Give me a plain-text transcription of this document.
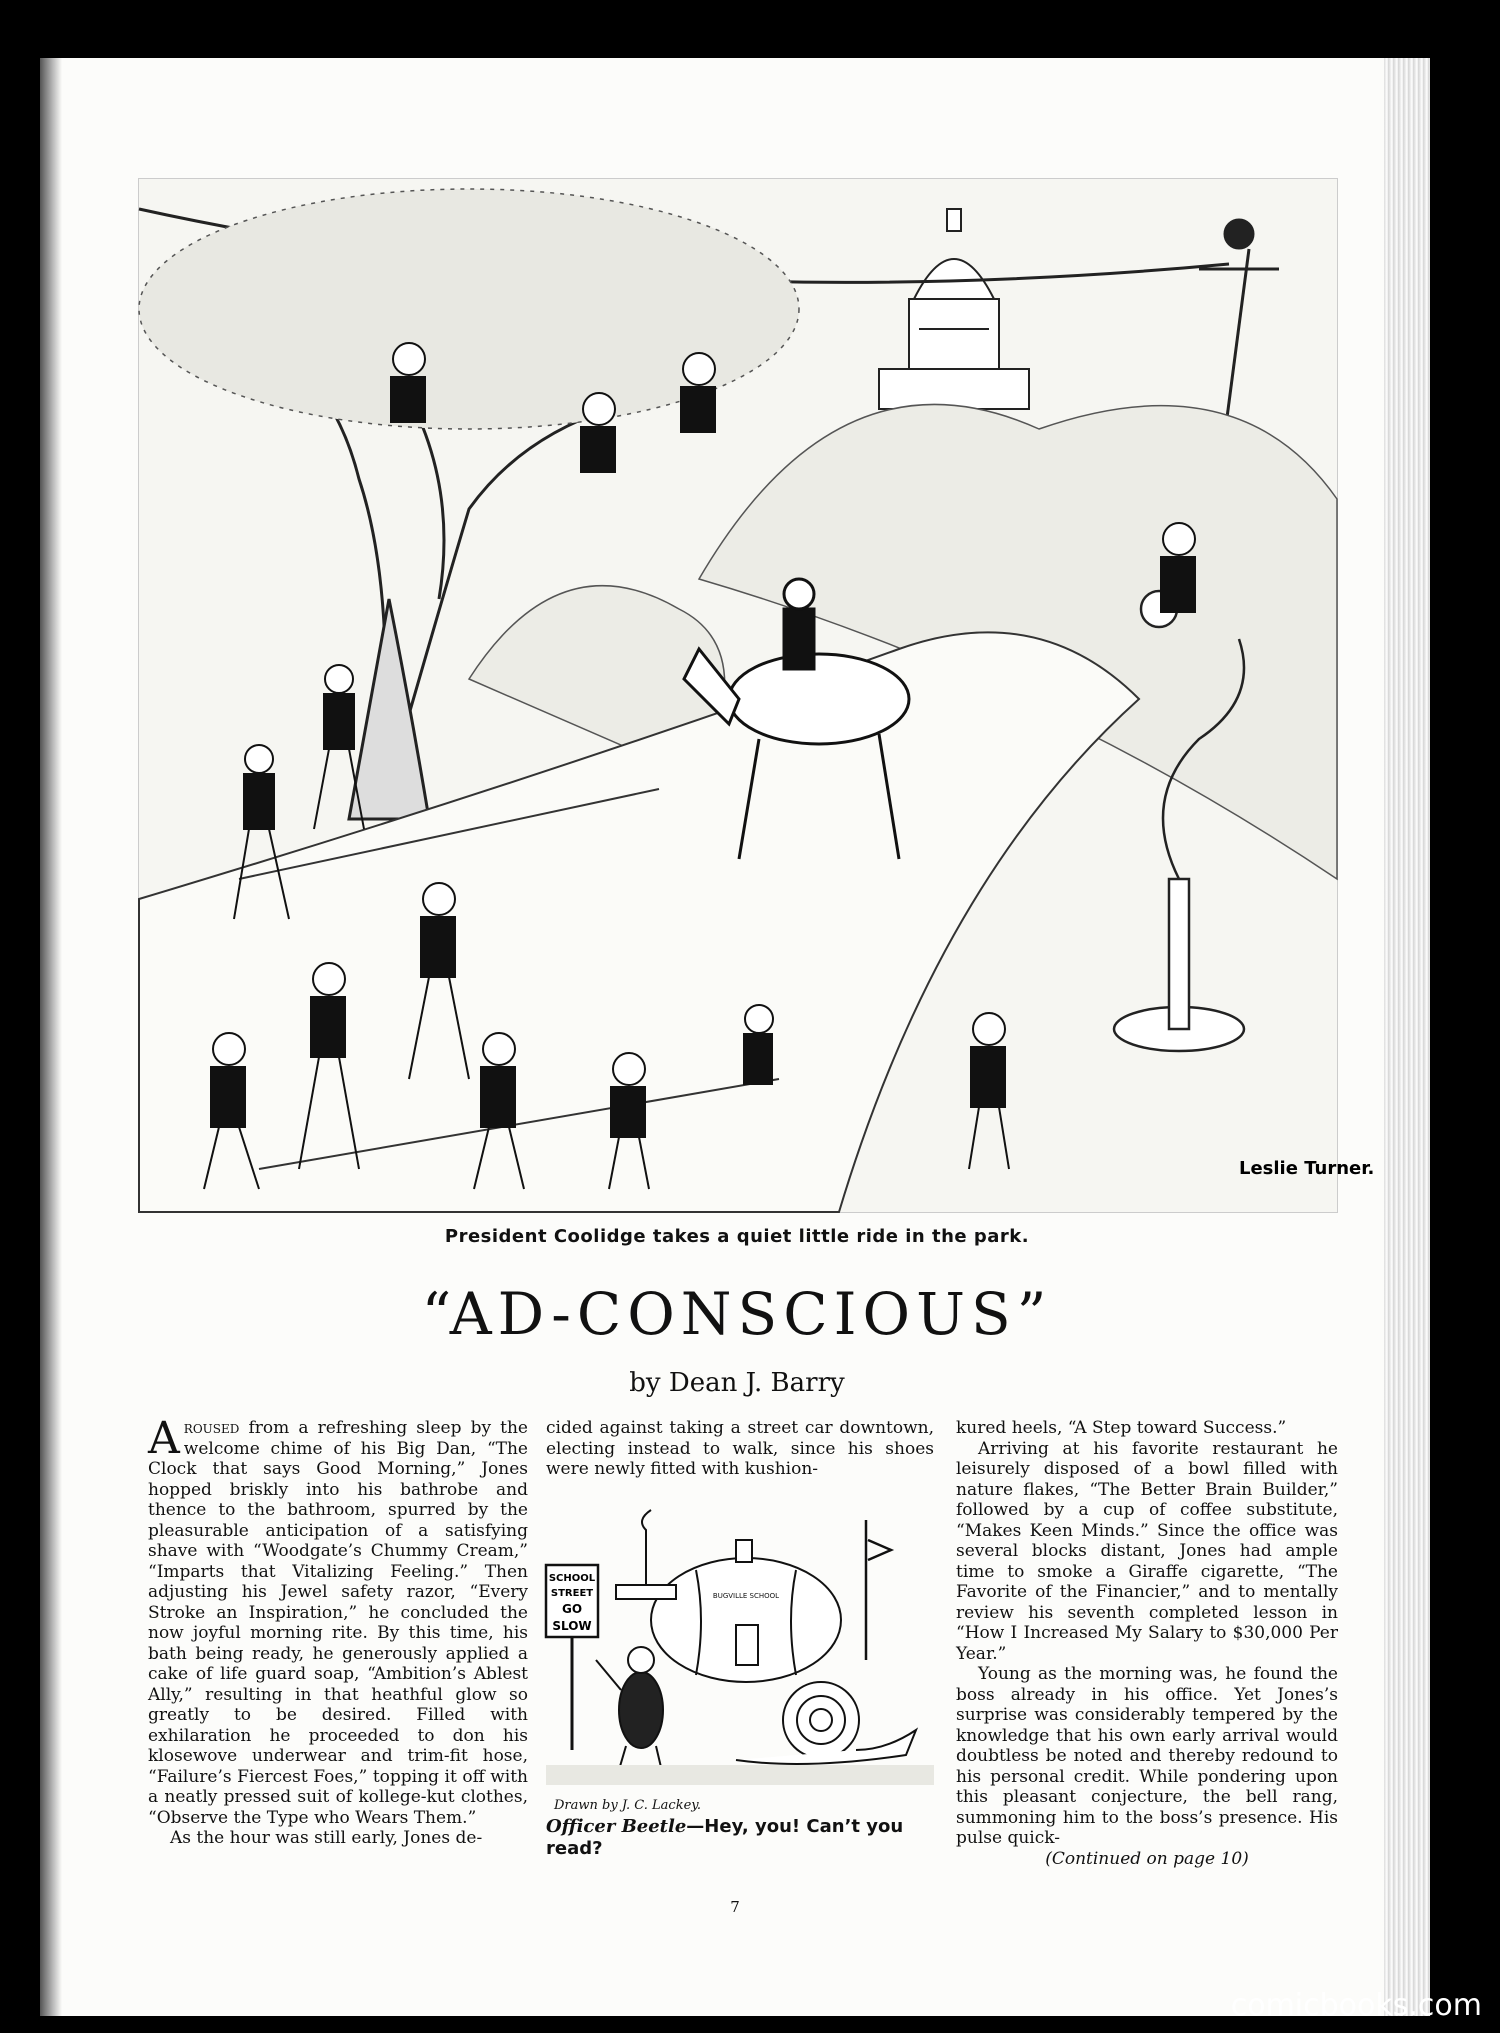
Leslie Turner.
President Coolidge takes a quiet little ride in the park.
“AD-CONSCIOUS”
by Dean J. Barry

Aroused from a refreshing sleep by the welcome chime of his Big Dan, “The Clock that says Good Morning,” Jones hopped briskly into his bathrobe and thence to the bathroom, spurred by the pleasurable anticipation of a satisfying shave with “Woodgate’s Chummy Cream,” “Imparts that Vitalizing Feeling.” Then adjusting his Jewel safety razor, “Every Stroke an Inspiration,” he concluded the now joyful morning rite. By this time, his bath being ready, he generously applied a cake of life guard soap, “Ambition’s Ablest Ally,” resulting in that heathful glow so greatly to be desired. Filled with exhilaration he proceeded to don his klosewove underwear and trim-fit hose, “Failure’s Fiercest Foes,” topping it off with a neatly pressed suit of kollege-kut clothes, “Observe the Type who Wears Them.”

As the hour was still early, Jones de-

cided against taking a street car downtown, electing instead to walk, since his shoes were newly fitted with kushion-

SCHOOL
STREET
GO
SLOW
BUGVILLE SCHOOL
Drawn by J. C. Lackey.
Officer Beetle—Hey, you! Can’t you read?

kured heels, “A Step toward Success.”

Arriving at his favorite restaurant he leisurely disposed of a bowl filled with nature flakes, “The Better Brain Builder,” followed by a cup of coffee substitute, “Makes Keen Minds.” Since the office was several blocks distant, Jones had ample time to smoke a Giraffe cigarette, “The Favorite of the Financier,” and to mentally review his seventh completed lesson in “How I Increased My Salary to $30,000 Per Year.”

Young as the morning was, he found the boss already in his office. Yet Jones’s surprise was considerably tempered by the knowledge that his own early arrival would doubtless be noted and thereby redound to his personal credit. While pondering upon this pleasant conjecture, the bell rang, summoning him to the boss’s presence. His pulse quick-

(Continued on page 10)

7
comicbooks.com
